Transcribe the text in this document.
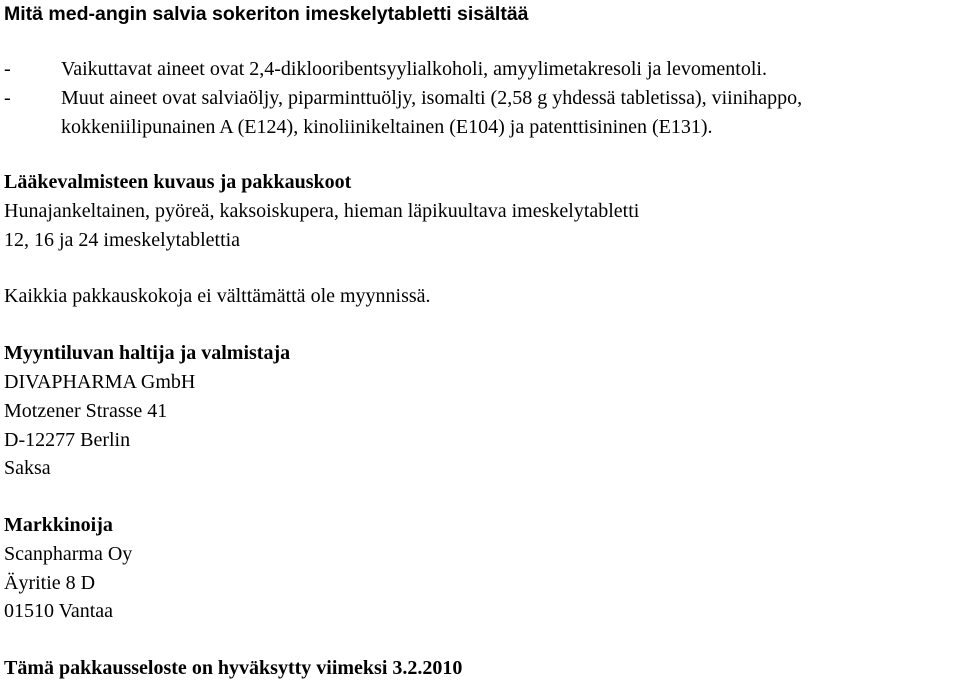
Mitä med-angin salvia sokeriton imeskelytabletti sisältää
-	Vaikuttavat aineet ovat 2,4-diklooribentsyylialkoholi, amyylimetakresoli ja levomentoli.
-	Muut aineet ovat salviaöljy, piparminttuöljy, isomalti (2,58 g yhdessä tabletissa), viinihappo,
kokkeniilipunainen A (E124), kinoliinikeltainen (E104) ja patenttisininen (E131).
Lääkevalmisteen kuvaus ja pakkauskoot
Hunajankeltainen, pyöreä, kaksoiskupera, hieman läpikuultava imeskelytabletti
12, 16 ja 24 imeskelytablettia
Kaikkia pakkauskokoja ei välttämättä ole myynnissä.
Myyntiluvan haltija ja valmistaja
DIVAPHARMA GmbH
Motzener Strasse 41
D-12277 Berlin
Saksa
Markkinoija
Scanpharma Oy
Äyritie 8 D
01510 Vantaa
Tämä pakkausseloste on hyväksytty viimeksi 3.2.2010
